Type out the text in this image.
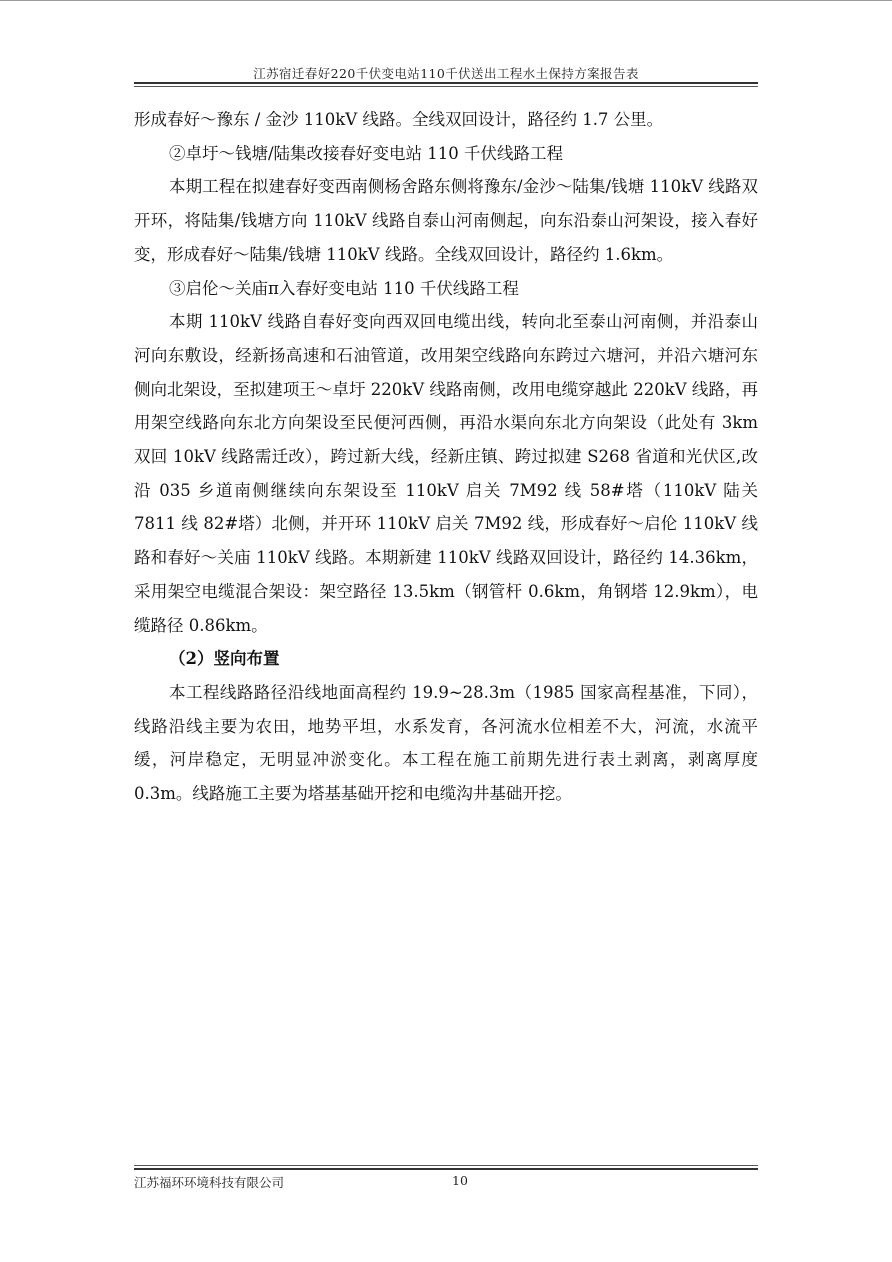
江苏宿迁春好220千伏变电站110千伏送出工程水土保持方案报告表

形成春好～豫东 / 金沙 110kV 线路。全线双回设计，路径约 1.7 公里。

②卓圩～钱塘/陆集改接春好变电站 110 千伏线路工程

本期工程在拟建春好变西南侧杨舍路东侧将豫东/金沙～陆集/钱塘 110kV 线路双开环，将陆集/钱塘方向 110kV 线路自泰山河南侧起，向东沿泰山河架设，接入春好变，形成春好～陆集/钱塘 110kV 线路。全线双回设计，路径约 1.6km。

③启伦～关庙π入春好变电站 110 千伏线路工程

本期 110kV 线路自春好变向西双回电缆出线，转向北至泰山河南侧，并沿泰山河向东敷设，经新扬高速和石油管道，改用架空线路向东跨过六塘河，并沿六塘河东侧向北架设，至拟建项王～卓圩 220kV 线路南侧，改用电缆穿越此 220kV 线路，再用架空线路向东北方向架设至民便河西侧，再沿水渠向东北方向架设（此处有 3km 双回 10kV 线路需迁改），跨过新大线，经新庄镇、跨过拟建 S268 省道和光伏区,改沿 035 乡道南侧继续向东架设至 110kV 启关 7M92 线 58#塔（110kV 陆关 7811 线 82#塔）北侧，并开环 110kV 启关 7M92 线，形成春好～启伦 110kV 线路和春好～关庙 110kV 线路。本期新建 110kV 线路双回设计，路径约 14.36km，采用架空电缆混合架设：架空路径 13.5km（钢管杆 0.6km，角钢塔 12.9km），电缆路径 0.86km。

（2）竖向布置

本工程线路路径沿线地面高程约 19.9~28.3m（1985 国家高程基准，下同），线路沿线主要为农田，地势平坦，水系发育，各河流水位相差不大，河流，水流平缓，河岸稳定，无明显冲淤变化。本工程在施工前期先进行表土剥离，剥离厚度 0.3m。线路施工主要为塔基基础开挖和电缆沟井基础开挖。

江苏福环环境科技有限公司	10
